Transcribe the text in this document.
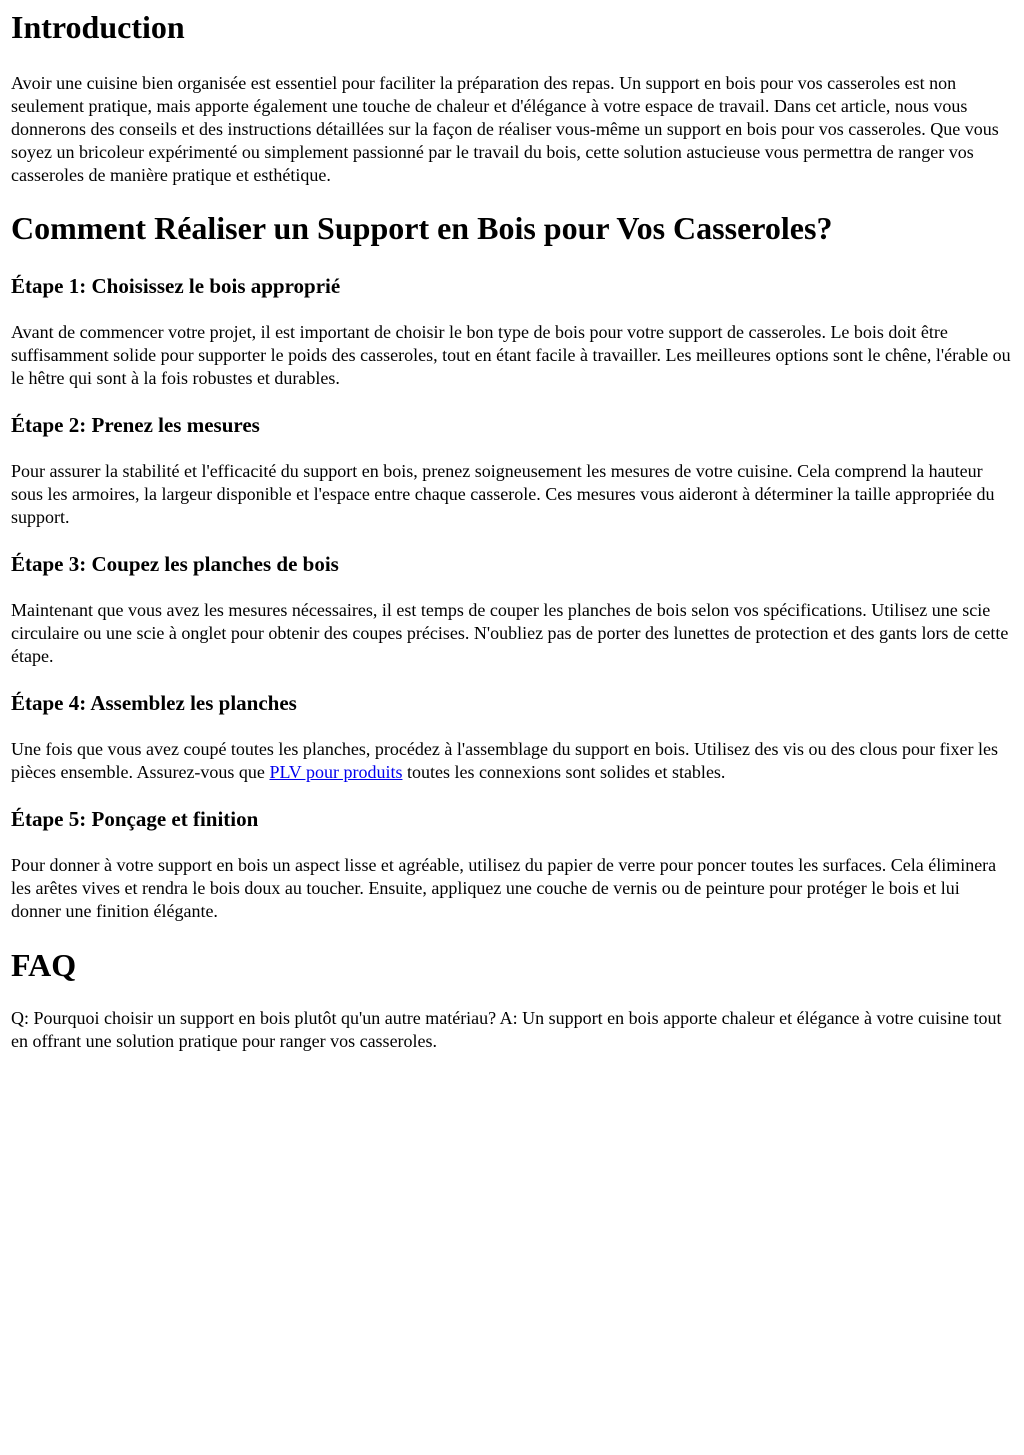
Introduction

Avoir une cuisine bien organisée est essentiel pour faciliter la préparation des repas. Un support en bois pour vos casseroles est non seulement pratique, mais apporte également une touche de chaleur et d'élégance à votre espace de travail. Dans cet article, nous vous donnerons des conseils et des instructions détaillées sur la façon de réaliser vous-même un support en bois pour vos casseroles. Que vous soyez un bricoleur expérimenté ou simplement passionné par le travail du bois, cette solution astucieuse vous permettra de ranger vos casseroles de manière pratique et esthétique.

Comment Réaliser un Support en Bois pour Vos Casseroles?
Étape 1: Choisissez le bois approprié

Avant de commencer votre projet, il est important de choisir le bon type de bois pour votre support de casseroles. Le bois doit être suffisamment solide pour supporter le poids des casseroles, tout en étant facile à travailler. Les meilleures options sont le chêne, l'érable ou le hêtre qui sont à la fois robustes et durables.

Étape 2: Prenez les mesures

Pour assurer la stabilité et l'efficacité du support en bois, prenez soigneusement les mesures de votre cuisine. Cela comprend la hauteur sous les armoires, la largeur disponible et l'espace entre chaque casserole. Ces mesures vous aideront à déterminer la taille appropriée du support.

Étape 3: Coupez les planches de bois

Maintenant que vous avez les mesures nécessaires, il est temps de couper les planches de bois selon vos spécifications. Utilisez une scie circulaire ou une scie à onglet pour obtenir des coupes précises. N'oubliez pas de porter des lunettes de protection et des gants lors de cette étape.

Étape 4: Assemblez les planches

Une fois que vous avez coupé toutes les planches, procédez à l'assemblage du support en bois. Utilisez des vis ou des clous pour fixer les pièces ensemble. Assurez-vous que PLV pour produits toutes les connexions sont solides et stables.

Étape 5: Ponçage et finition

Pour donner à votre support en bois un aspect lisse et agréable, utilisez du papier de verre pour poncer toutes les surfaces. Cela éliminera les arêtes vives et rendra le bois doux au toucher. Ensuite, appliquez une couche de vernis ou de peinture pour protéger le bois et lui donner une finition élégante.

FAQ

Q: Pourquoi choisir un support en bois plutôt qu'un autre matériau? A: Un support en bois apporte chaleur et élégance à votre cuisine tout en offrant une solution pratique pour ranger vos casseroles.
